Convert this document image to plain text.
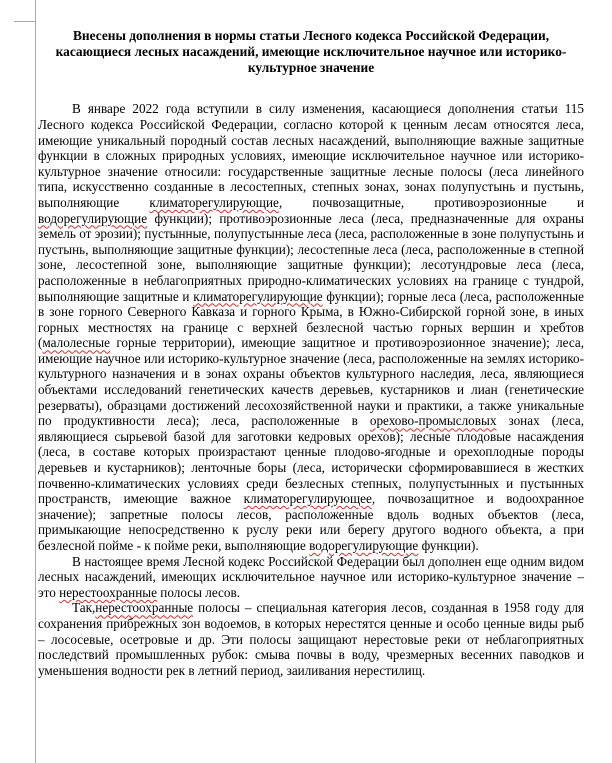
Внесены дополнения в нормы статьи Лесного кодекса Российской Федерации, касающиеся лесных насаждений, имеющие исключительное научное или историко-культурное значение

В январе 2022 года вступили в силу изменения, касающиеся дополнения статьи 115 Лесного кодекса Российской Федерации, согласно которой к ценным лесам относятся леса, имеющие уникальный породный состав лесных насаждений, выполняющие важные защитные функции в сложных природных условиях, имеющие исключительное научное или историко-культурное значение относили: государственные защитные лесные полосы (леса линейного типа, искусственно созданные в лесостепных, степных зонах, зонах полупустынь и пустынь, выполняющие климаторегулирующие, почвозащитные, противоэрозионные и водорегулирующие функции); противоэрозионные леса (леса, предназначенные для охраны земель от эрозии); пустынные, полупустынные леса (леса, расположенные в зоне полупустынь и пустынь, выполняющие защитные функции); лесостепные леса (леса, расположенные в степной зоне, лесостепной зоне, выполняющие защитные функции); лесотундровые леса (леса, расположенные в неблагоприятных природно-климатических условиях на границе с тундрой, выполняющие защитные и климаторегулирующие функции); горные леса (леса, расположенные в зоне горного Северного Кавказа и горного Крыма, в Южно-Сибирской горной зоне, в иных горных местностях на границе с верхней безлесной частью горных вершин и хребтов (малолесные горные территории), имеющие защитное и противоэрозионное значение); леса, имеющие научное или историко-культурное значение (леса, расположенные на землях историко-культурного назначения и в зонах охраны объектов культурного наследия, леса, являющиеся объектами исследований генетических качеств деревьев, кустарников и лиан (генетические резерваты), образцами достижений лесохозяйственной науки и практики, а также уникальные по продуктивности леса); леса, расположенные в орехово-промысловых зонах (леса, являющиеся сырьевой базой для заготовки кедровых орехов); лесные плодовые насаждения (леса, в составе которых произрастают ценные плодово-ягодные и орехоплодные породы деревьев и кустарников); ленточные боры (леса, исторически сформировавшиеся в жестких почвенно-климатических условиях среди безлесных степных, полупустынных и пустынных пространств, имеющие важное климаторегулирующее, почвозащитное и водоохранное значение); запретные полосы лесов, расположенные вдоль водных объектов (леса, примыкающие непосредственно к руслу реки или берегу другого водного объекта, а при безлесной пойме - к пойме реки, выполняющие водорегулирующие функции).

В настоящее время Лесной кодекс Российской Федерации был дополнен еще одним видом лесных насаждений, имеющих исключительное научное или историко-культурное значение – это нерестоохранные полосы лесов.

Так,нерестоохранные полосы – специальная категория лесов, созданная в 1958 году для сохранения прибрежных зон водоемов, в которых нерестятся ценные и особо ценные виды рыб – лососевые, осетровые и др. Эти полосы защищают нерестовые реки от неблагоприятных последствий промышленных рубок: смыва почвы в воду, чрезмерных весенних паводков и уменьшения водности рек в летний период, заиливания нерестилищ.
